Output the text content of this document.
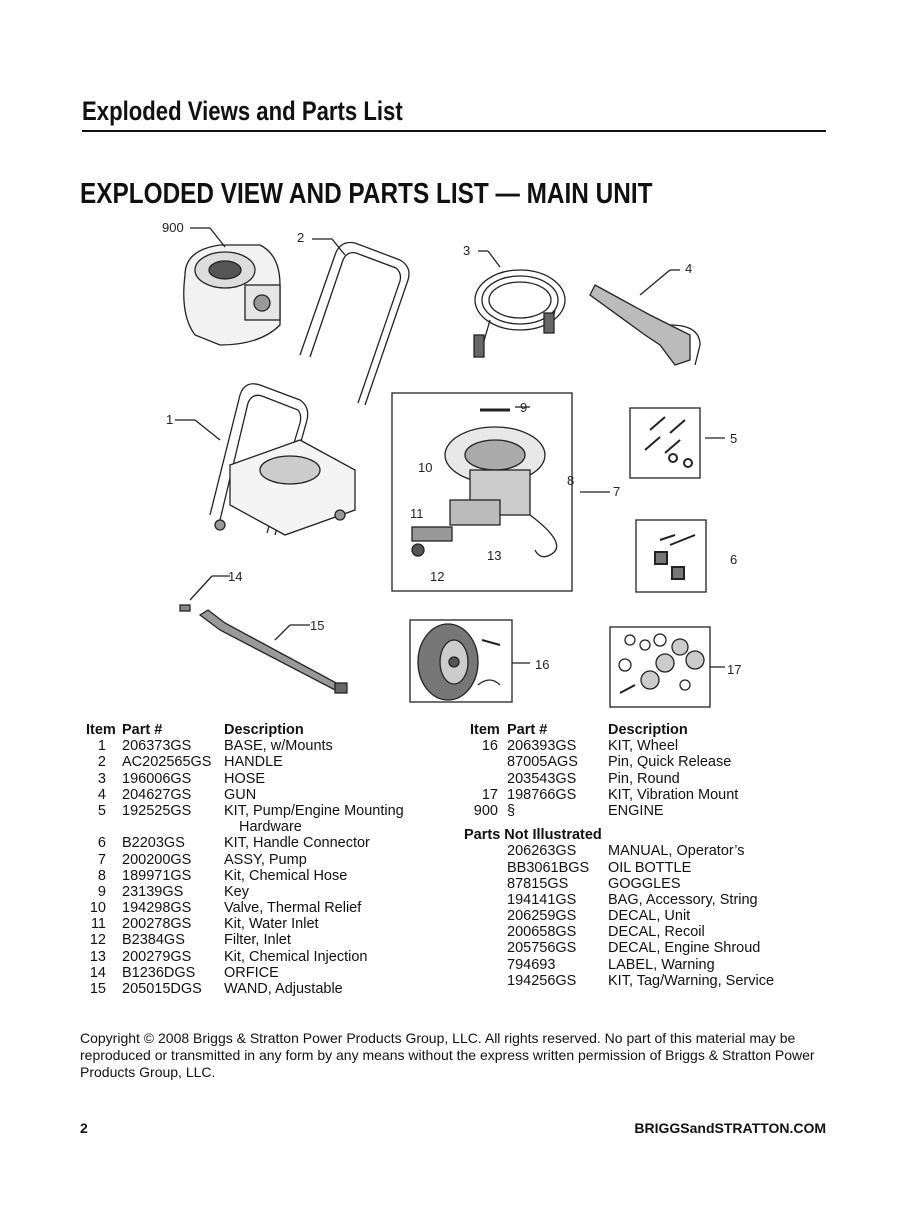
Exploded Views and Parts List
EXPLODED VIEW AND PARTS LIST — MAIN UNIT
900
2
3
4
1
9
10
8
7
5
11
13
12
6
14
15
16	17
Item Part #	Description
1 206373GS BASE, w/Mounts
2 AC202565GS HANDLE
3 196006GS HOSE
4 204627GS GUN
5 192525GS KIT, Pump/Engine Mounting
Hardware
6 B2203GS	KIT, Handle Connector
7 200200GS ASSY, Pump
8 189971GS Kit, Chemical Hose
9 23139GS	Key
10 194298GS Valve, Thermal Relief
11 200278GS Kit, Water Inlet
12 B2384GS	Filter, Inlet
13 200279GS Kit, Chemical Injection
14 B1236DGS ORFICE
15 205015DGS WAND, Adjustable
Item Part #	Description
16 206393GS KIT, Wheel
87005AGS Pin, Quick Release
203543GS Pin, Round
17 198766GS KIT, Vibration Mount
900 §	ENGINE
Parts Not Illustrated
206263GS MANUAL, Operator’s
BB3061BGS OIL BOTTLE
87815GS	GOGGLES
194141GS BAG, Accessory, String
206259GS DECAL, Unit
200658GS DECAL, Recoil
205756GS DECAL, Engine Shroud
794693	LABEL, Warning
194256GS KIT, Tag/Warning, Service
Copyright © 2008 Briggs & Stratton Power Products Group, LLC. All rights reserved. No part of this material may be reproduced or transmitted in any form by any means without the express written permission of Briggs & Stratton Power Products Group, LLC.
2	BRIGGSandSTRATTON.COM
